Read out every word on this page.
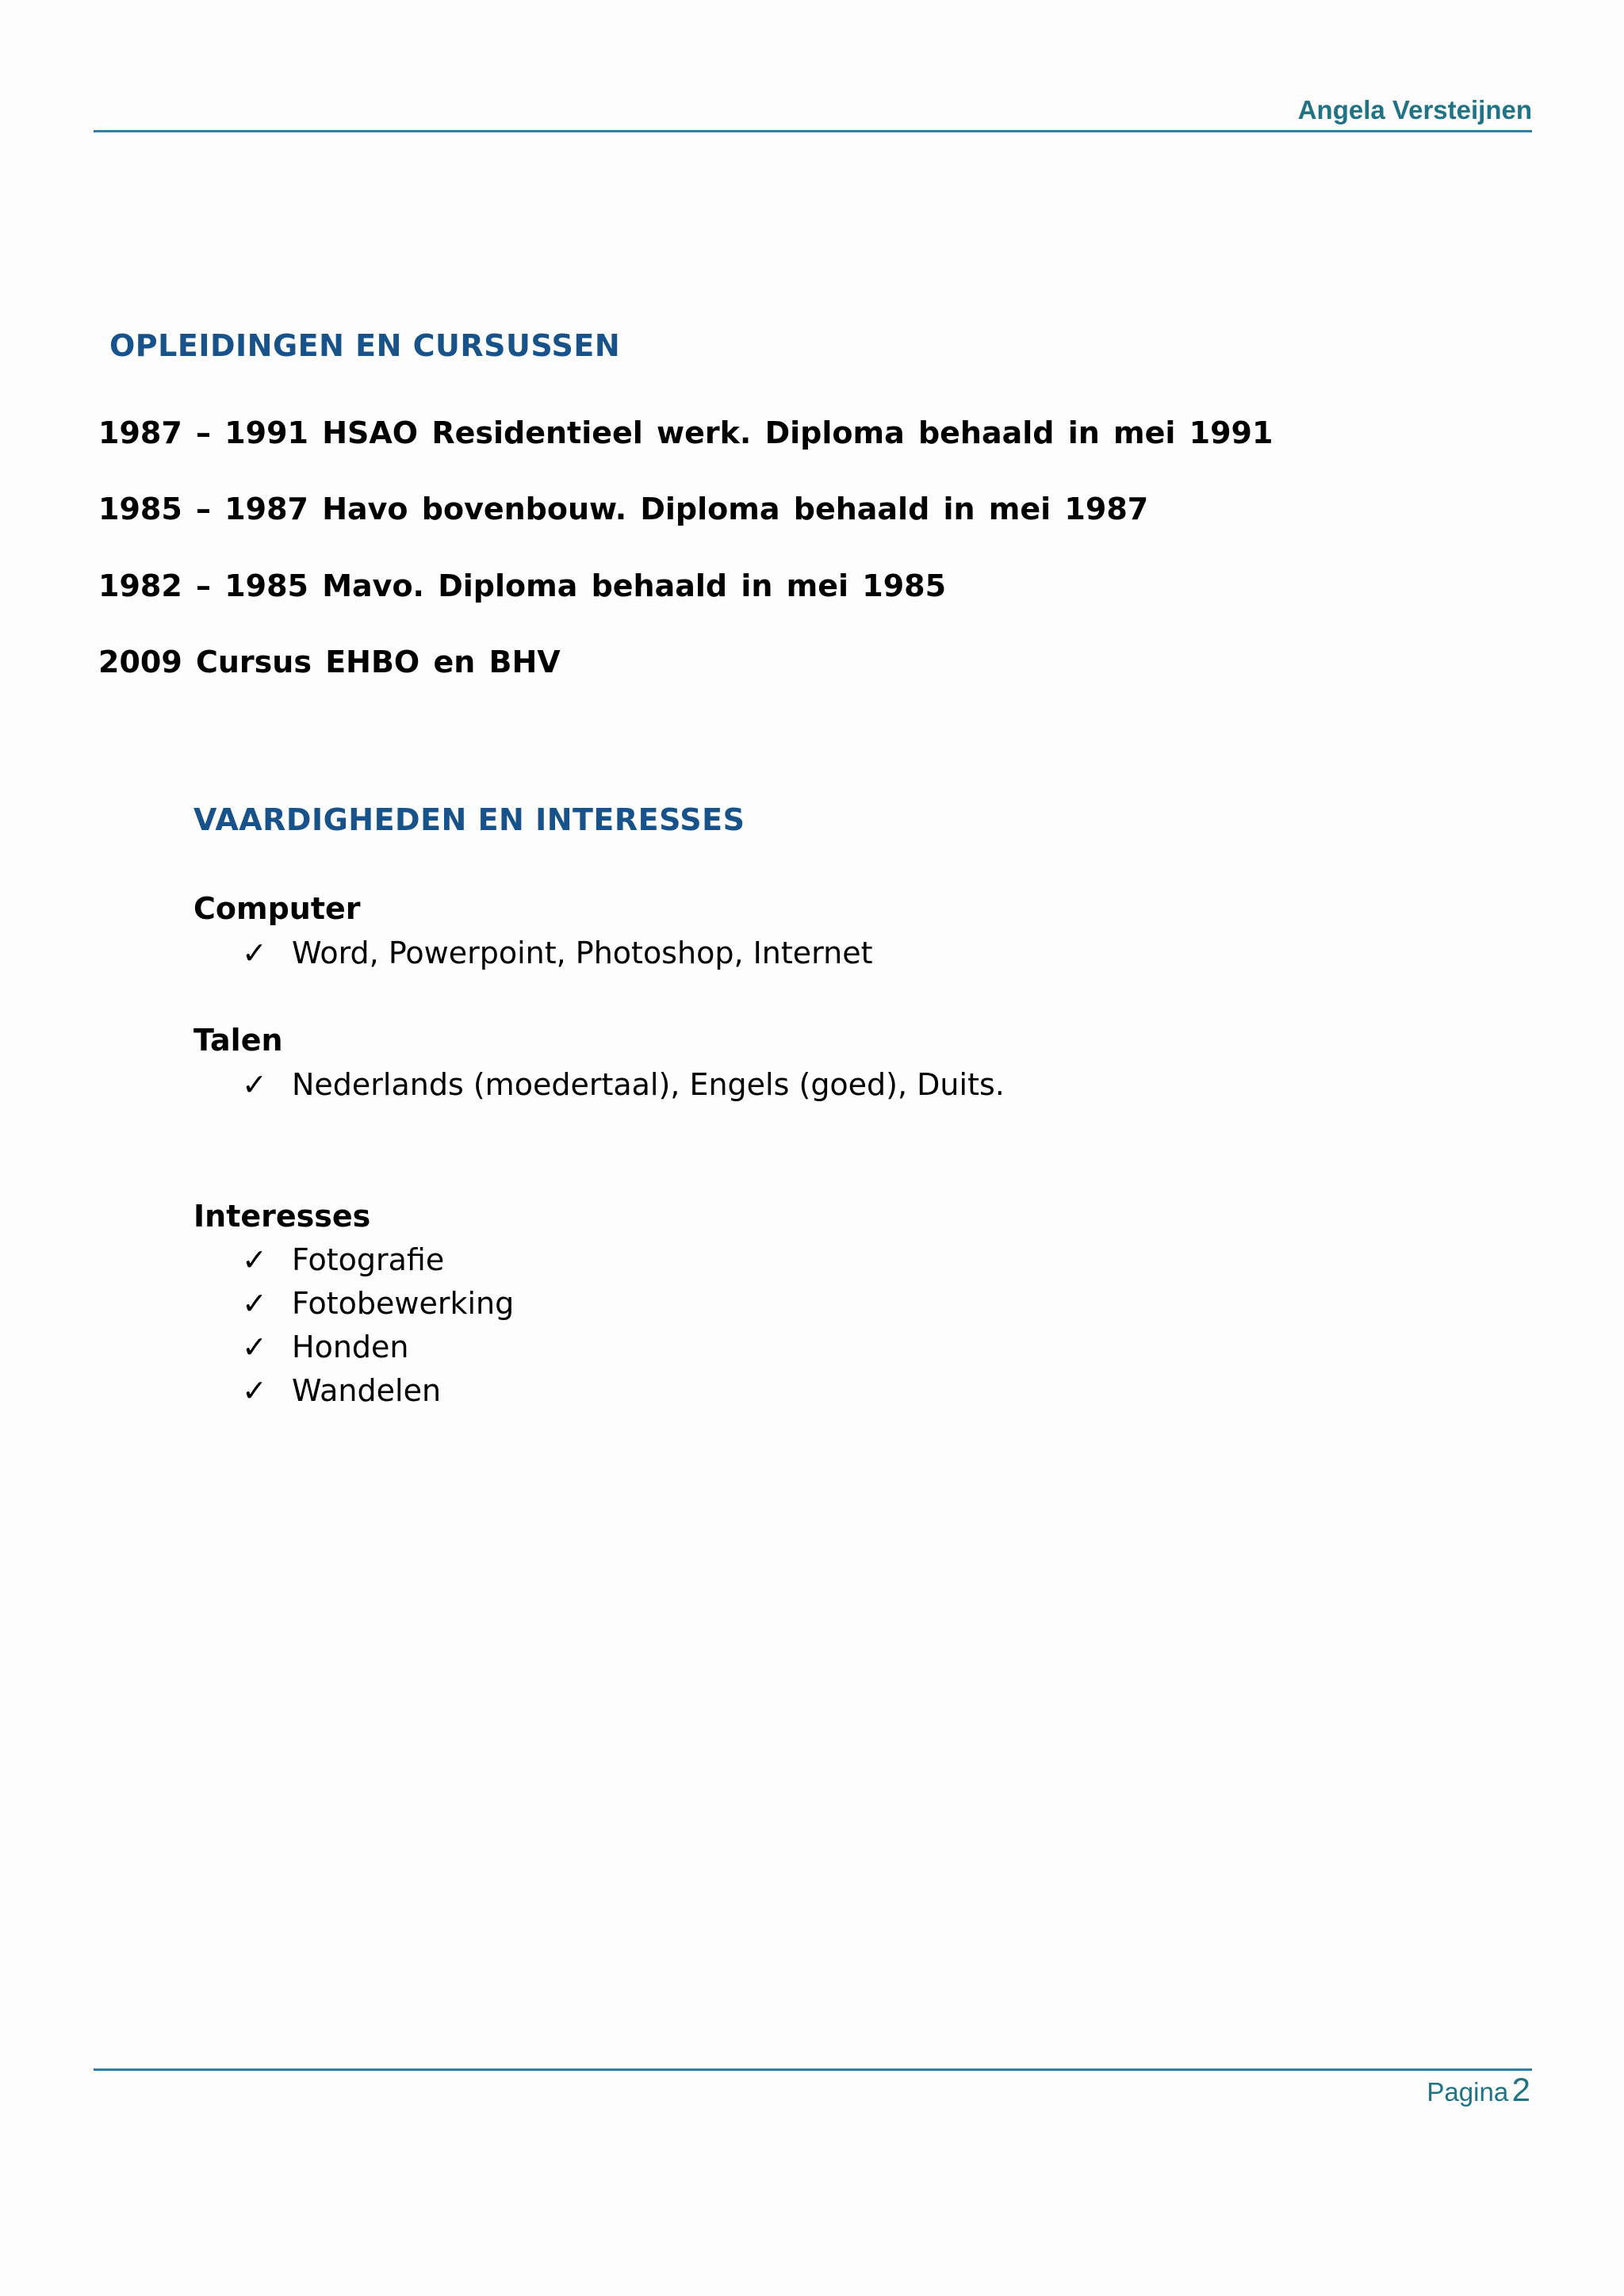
Angela Versteijnen
OPLEIDINGEN EN CURSUSSEN
1987 – 1991 HSAO Residentieel werk. Diploma behaald in mei 1991
1985 – 1987 Havo bovenbouw. Diploma behaald in mei 1987
1982 – 1985 Mavo. Diploma behaald in mei 1985
2009 Cursus EHBO en BHV
VAARDIGHEDEN EN INTERESSES
Computer
✓ Word, Powerpoint, Photoshop, Internet
Talen
✓ Nederlands (moedertaal), Engels (goed), Duits.
Interesses
✓ Fotografie
✓ Fotobewerking
✓ Honden
✓ Wandelen
Pagina 2
